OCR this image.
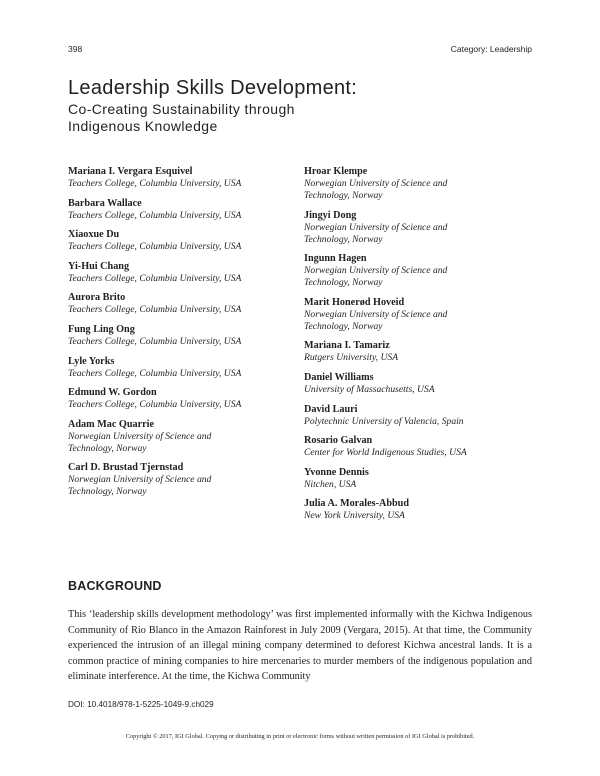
398	Category: Leadership
Leadership Skills Development:
Co-Creating Sustainability through
Indigenous Knowledge
Mariana I. Vergara Esquivel
Teachers College, Columbia University, USA
Barbara Wallace
Teachers College, Columbia University, USA
Xiaoxue Du
Teachers College, Columbia University, USA
Yi-Hui Chang
Teachers College, Columbia University, USA
Aurora Brito
Teachers College, Columbia University, USA
Fung Ling Ong
Teachers College, Columbia University, USA
Lyle Yorks
Teachers College, Columbia University, USA
Edmund W. Gordon
Teachers College, Columbia University, USA
Adam Mac Quarrie
Norwegian University of Science and
Technology, Norway
Carl D. Brustad Tjernstad
Norwegian University of Science and
Technology, Norway
Hroar Klempe
Norwegian University of Science and
Technology, Norway
Jingyi Dong
Norwegian University of Science and
Technology, Norway
Ingunn Hagen
Norwegian University of Science and
Technology, Norway
Marit Honerød Hoveid
Norwegian University of Science and
Technology, Norway
Mariana I. Tamariz
Rutgers University, USA
Daniel Williams
University of Massachusetts, USA
David Lauri
Polytechnic University of Valencia, Spain
Rosario Galvan
Center for World Indigenous Studies, USA
Yvonne Dennis
Nitchen, USA
Julia A. Morales-Abbud
New York University, USA
BACKGROUND

This ‘leadership skills development methodology’ was first implemented informally with the Kichwa Indigenous Community of Rio Blanco in the Amazon Rainforest in July 2009 (Vergara, 2015). At that time, the Community experienced the intrusion of an illegal mining company determined to deforest Kichwa ancestral lands. It is a common practice of mining companies to hire mercenaries to murder members of the indigenous population and eliminate interference. At the time, the Kichwa Community

DOI: 10.4018/978-1-5225-1049-9.ch029
Copyright © 2017, IGI Global. Copying or distributing in print or electronic forms without written permission of IGI Global is prohibited.
